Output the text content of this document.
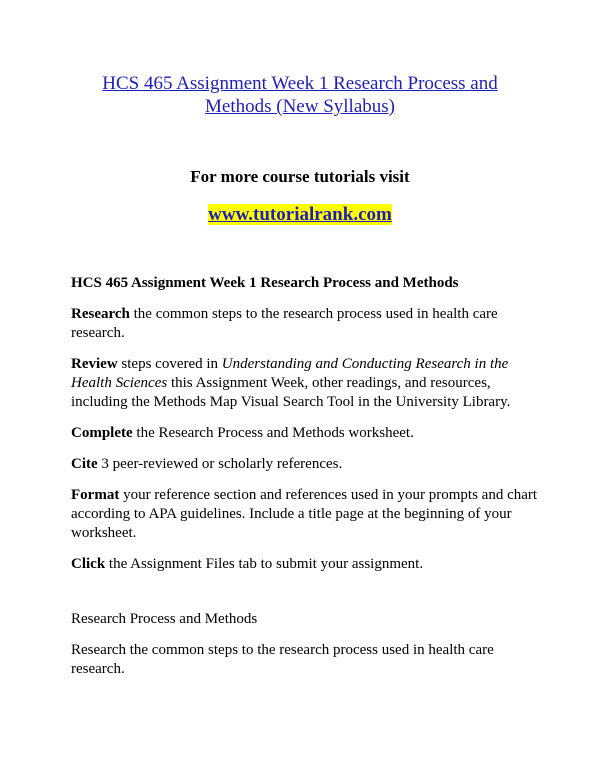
HCS 465 Assignment Week 1 Research Process and
Methods (New Syllabus)
For more course tutorials visit
www.tutorialrank.com

HCS 465 Assignment Week 1 Research Process and Methods

Research the common steps to the research process used in health care research.

Review steps covered in Understanding and Conducting Research in the Health Sciences this Assignment Week, other readings, and resources, including the Methods Map Visual Search Tool in the University Library.

Complete the Research Process and Methods worksheet.

Cite 3 peer-reviewed or scholarly references.

Format your reference section and references used in your prompts and chart according to APA guidelines. Include a title page at the beginning of your worksheet.

Click the Assignment Files tab to submit your assignment.

Research Process and Methods

Research the common steps to the research process used in health care research.
